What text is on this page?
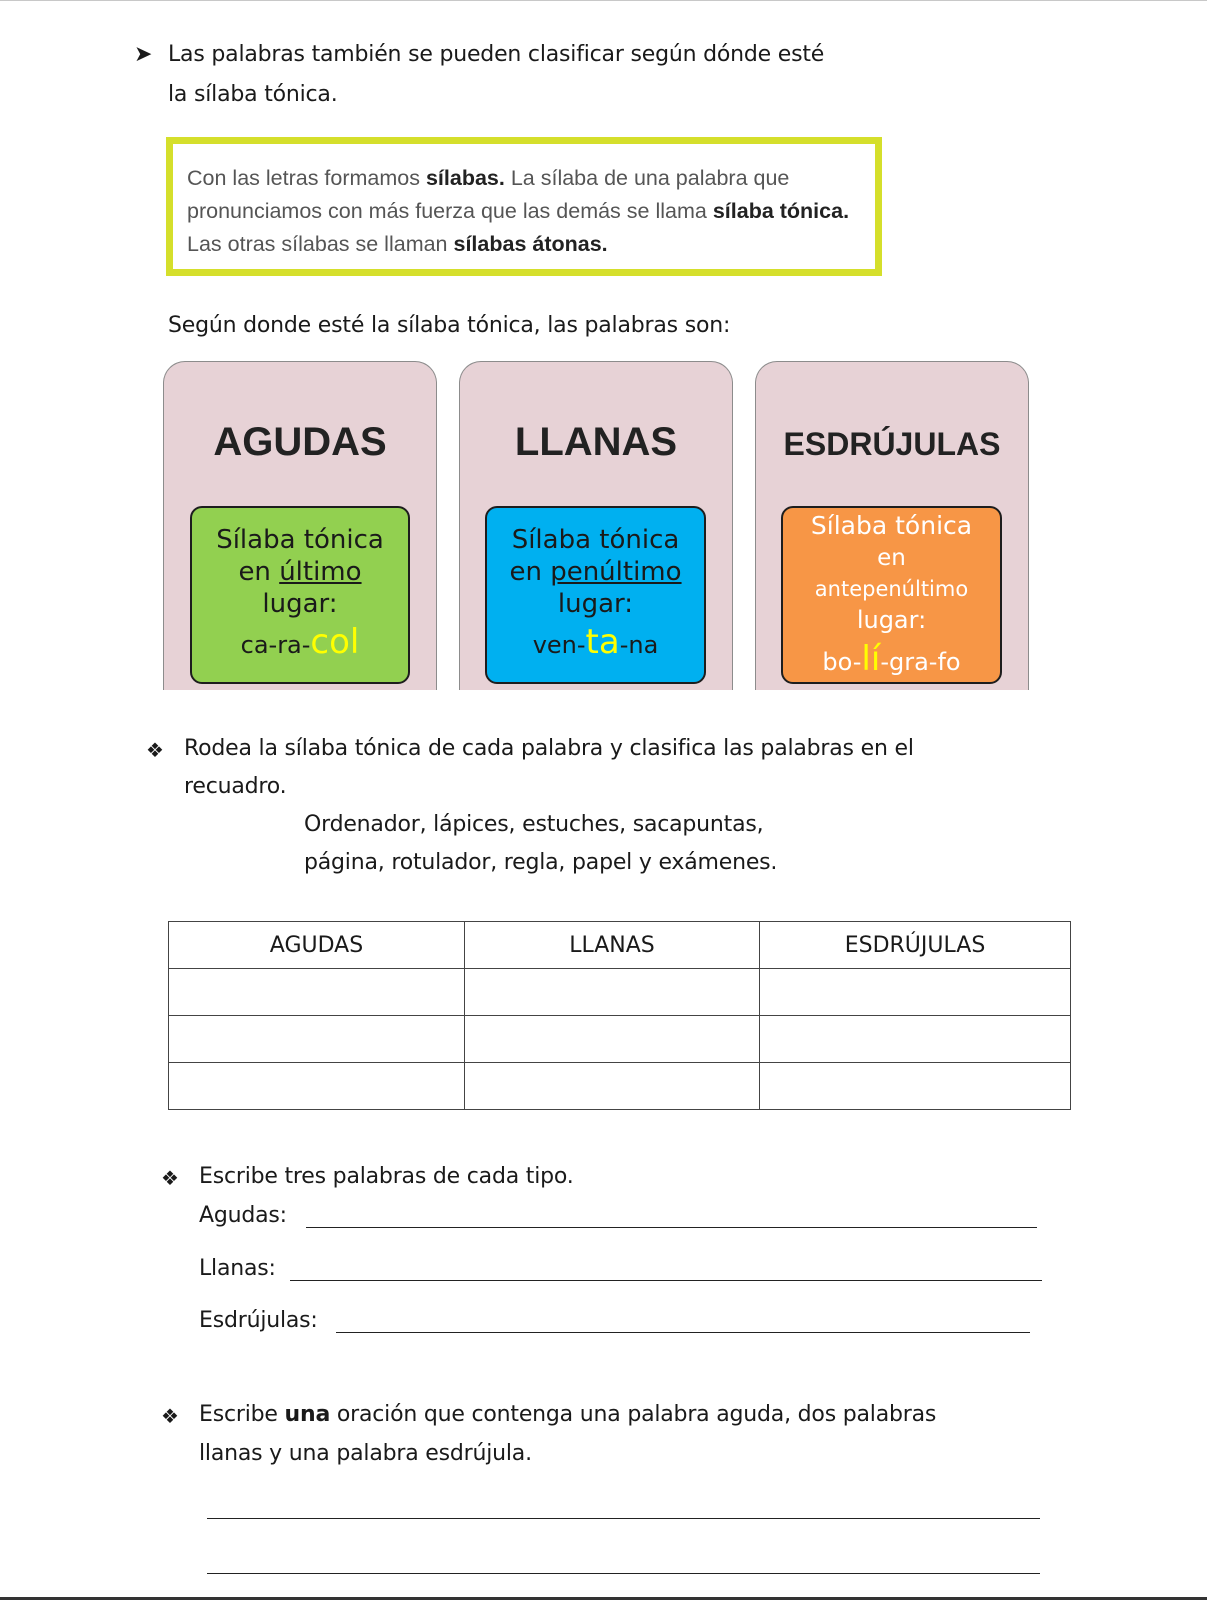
➤ Las palabras también se pueden clasificar según dónde esté
la sílaba tónica.
Con las letras formamos sílabas. La sílaba de una palabra que pronunciamos con más fuerza que las demás se llama sílaba tónica. Las otras sílabas se llaman sílabas átonas.
Según donde esté la sílaba tónica, las palabras son:
AGUDAS
Sílaba tónica
en último
lugar:
ca-ra-col
LLANAS
Sílaba tónica
en penúltimo
lugar:
ven-ta-na
ESDRÚJULAS
Sílaba tónica
en
antepenúltimo
lugar:
bo-lí-gra-fo
❖ Rodea la sílaba tónica de cada palabra y clasifica las palabras en el
recuadro.
Ordenador, lápices, estuches, sacapuntas,
página, rotulador, regla, papel y exámenes.
AGUDAS	LLANAS	ESDRÚJULAS

❖ Escribe tres palabras de cada tipo.
Agudas:
Llanas:
Esdrújulas:
❖ Escribe una oración que contenga una palabra aguda, dos palabras
llanas y una palabra esdrújula.
